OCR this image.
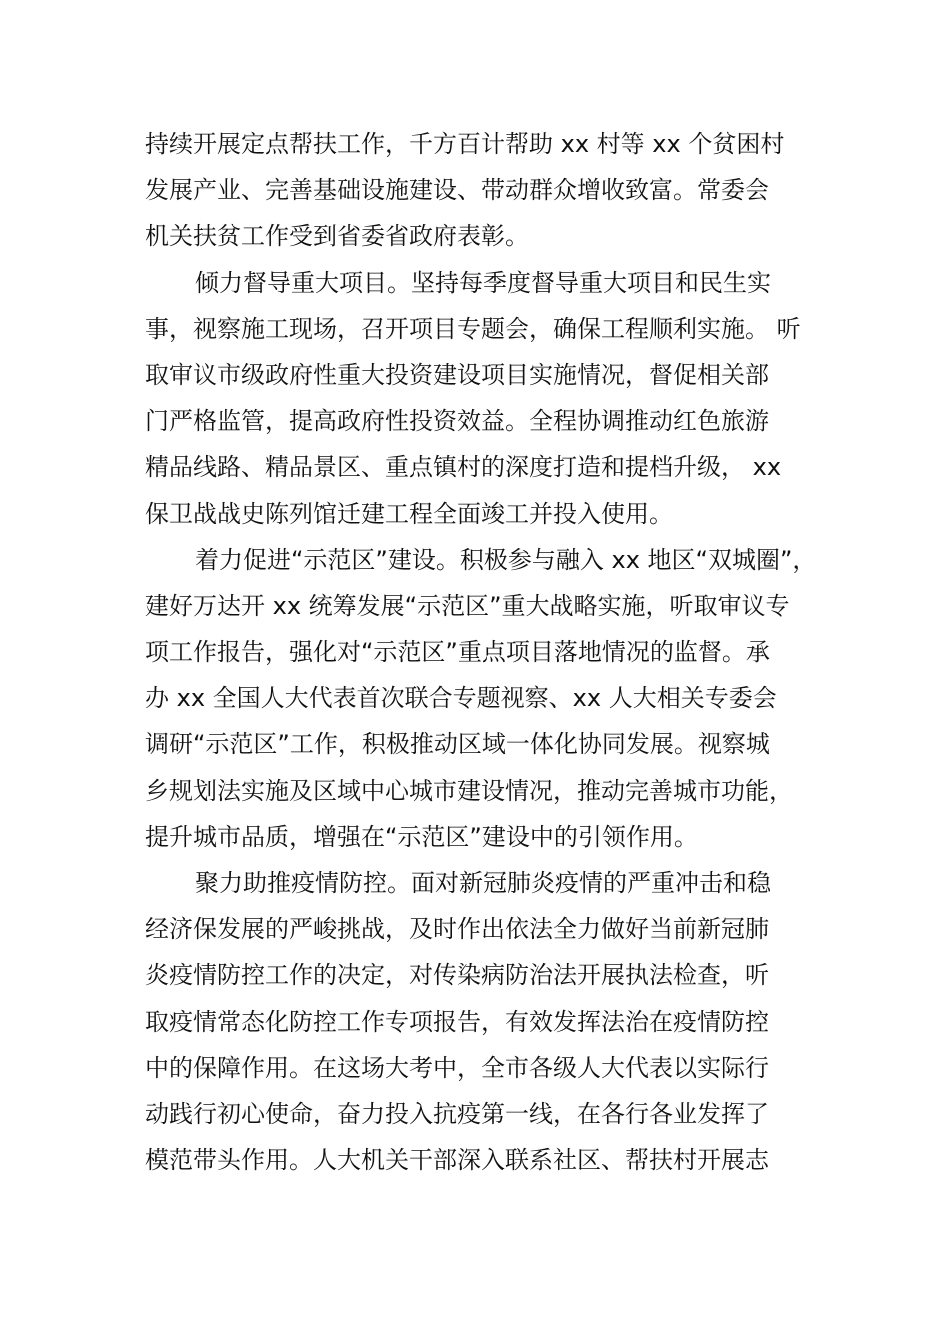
持续开展定点帮扶工作，千方百计帮助 xx 村等 xx 个贫困村
发展产业、完善基础设施建设、带动群众增收致富。常委会
机关扶贫工作受到省委省政府表彰。
倾力督导重大项目。坚持每季度督导重大项目和民生实
事，视察施工现场，召开项目专题会，确保工程顺利实施。 听
取审议市级政府性重大投资建设项目实施情况，督促相关部
门严格监管，提高政府性投资效益。全程协调推动红色旅游
精品线路、精品景区、重点镇村的深度打造和提档升级， xx
保卫战战史陈列馆迁建工程全面竣工并投入使用。
着力促进“示范区”建设。积极参与融入 xx 地区“双城圈”，
建好万达开 xx 统筹发展“示范区”重大战略实施，听取审议专
项工作报告，强化对“示范区”重点项目落地情况的监督。承
办 xx 全国人大代表首次联合专题视察、xx 人大相关专委会
调研“示范区”工作，积极推动区域一体化协同发展。视察城
乡规划法实施及区域中心城市建设情况，推动完善城市功能，
提升城市品质，增强在“示范区”建设中的引领作用。
聚力助推疫情防控。面对新冠肺炎疫情的严重冲击和稳
经济保发展的严峻挑战，及时作出依法全力做好当前新冠肺
炎疫情防控工作的决定，对传染病防治法开展执法检查，听
取疫情常态化防控工作专项报告，有效发挥法治在疫情防控
中的保障作用。在这场大考中，全市各级人大代表以实际行
动践行初心使命，奋力投入抗疫第一线，在各行各业发挥了
模范带头作用。人大机关干部深入联系社区、帮扶村开展志
